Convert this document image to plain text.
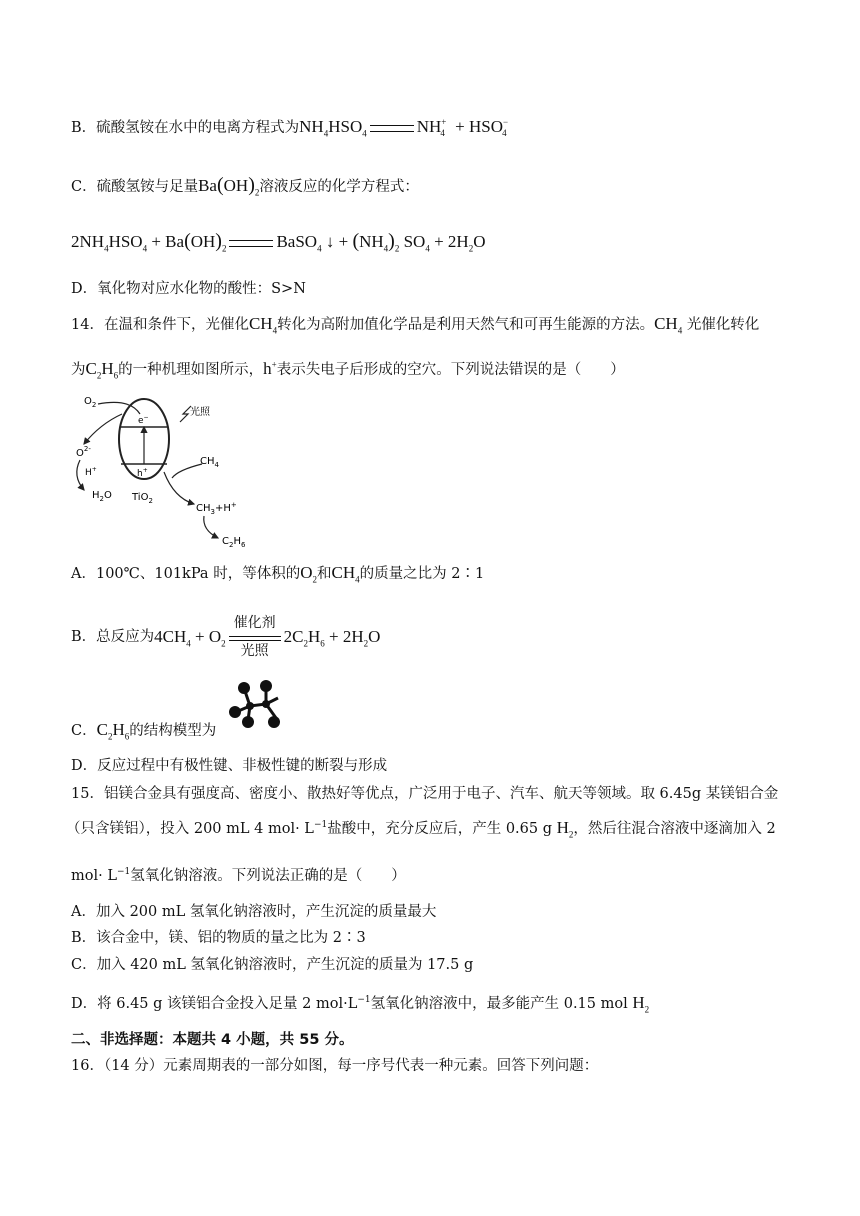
B．硫酸氢铵在水中的电离方程式为$NH_4HSO_4$	$NH_{+4} + HSO_{-4}$
C．硫酸氢铵与足量$Ba(OH)_2$溶液反应的化学方程式：
$2NH_4HSO_4 + Ba(OH)_2$	BaSO$_4$ ↓ + $(NH_4)_2$ $SO_4 + 2H_2O$
D．氧化物对应水化物的酸性：S>N
14．在温和条件下，光催化$CH_4$转化为高附加值化学品是利用天然气和可再生能源的方法。$CH_4$ 光催化转化
为$C_2H_6$的一种机理如图所示，h+表示失电子后形成的空穴。下列说法错误的是（　　）
e−
h+
$O_2$
$O^{2-}$
H+
$H_2O$
光照
TiO$_2$
$CH_4$
$CH_3+H^+$
$C_2H_6$
A．100℃、101kPa 时，等体积的$O_2$和$CH_4$的质量之比为 2∶1
B．总反应为$4CH_4 + O_2$
催化剂
光照
$2C_2H_6 + 2H_2O$
C．$C_2H_6$的结构模型为
D．反应过程中有极性键、非极性键的断裂与形成
15．铝镁合金具有强度高、密度小、散热好等优点，广泛用于电子、汽车、航天等领域。取 6.45g 某镁铝合金
（只含镁铝），投入 200 mL 4 $mol\cdot L^{-1}$盐酸中，充分反应后，产生 0.65 g $H_2$，然后往混合溶液中逐滴加入 2
$mol\cdot L^{-1}$氢氧化钠溶液。下列说法正确的是（　　）
A．加入 200 mL 氢氧化钠溶液时，产生沉淀的质量最大
B．该合金中，镁、铝的物质的量之比为 2∶3
C．加入 420 mL 氢氧化钠溶液时，产生沉淀的质量为 17.5 g
D．将 6.45 g 该镁铝合金投入足量 2 $mol\cdot L^{-1}$氢氧化钠溶液中，最多能产生 0.15 mol $H_2$
二、非选择题：本题共 4 小题，共 55 分。
16．（14 分）元素周期表的一部分如图，每一序号代表一种元素。回答下列问题：
